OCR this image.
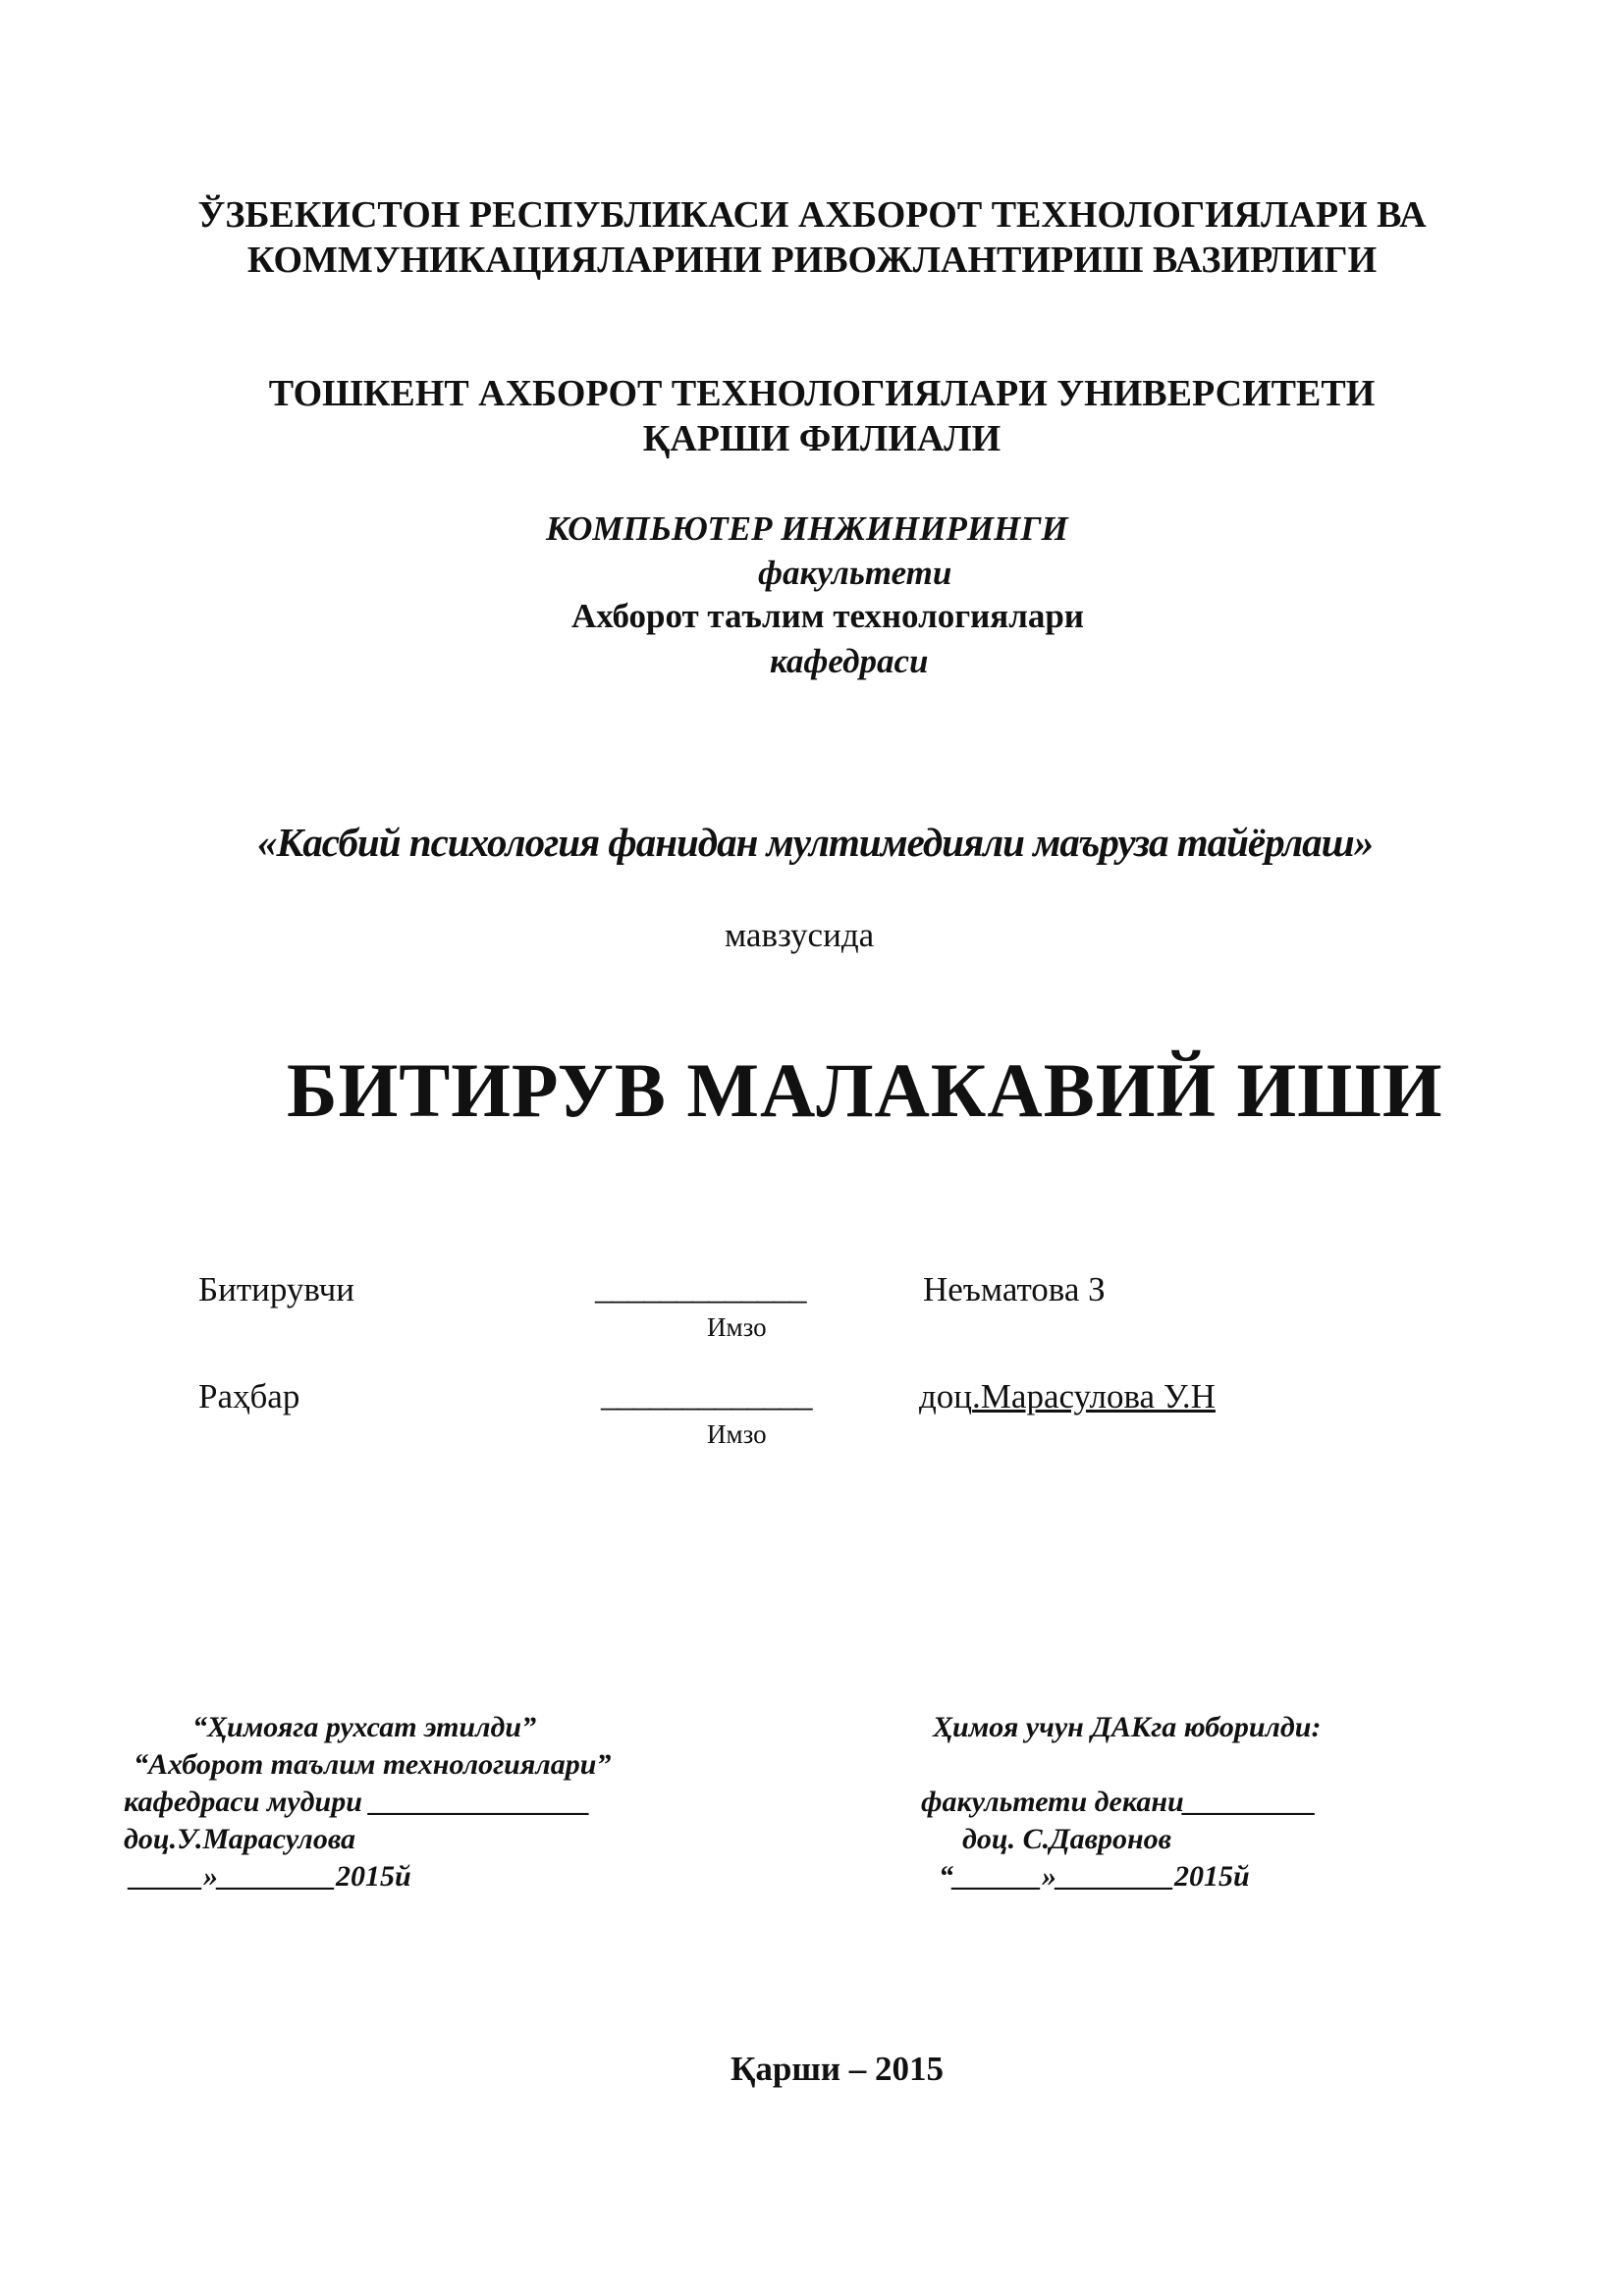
ЎЗБЕКИСТОН РЕСПУБЛИКАСИ АХБОРОТ ТЕХНОЛОГИЯЛАРИ ВА
КОММУНИКАЦИЯЛАРИНИ РИВОЖЛАНТИРИШ ВАЗИРЛИГИ
ТОШКЕНТ АХБОРОТ ТЕХНОЛОГИЯЛАРИ УНИВЕРСИТЕТИ
ҚАРШИ ФИЛИАЛИ
КОМПЬЮТЕР ИНЖИНИРИНГИ
факультети
Ахборот таълим технологиялари
кафедраси
«Касбий психология фанидан мултимедияли маъруза тайёрлаш»
мавзусида
БИТИРУВ МАЛАКАВИЙ ИШИ
Битирувчи	_____________	Неъматова З
Имзо
Раҳбар	_____________	доц.Марасулова У.Н
Имзо
“Ҳимояга рухсат этилди”
“Ахборот таълим технологиялари”
кафедраси мудири _______________
доц.У.Марасулова
_____»________2015й
Ҳимоя учун ДАКга юборилди:
факультети декани_________
доц. С.Давронов
“______»________2015й
Қарши – 2015
